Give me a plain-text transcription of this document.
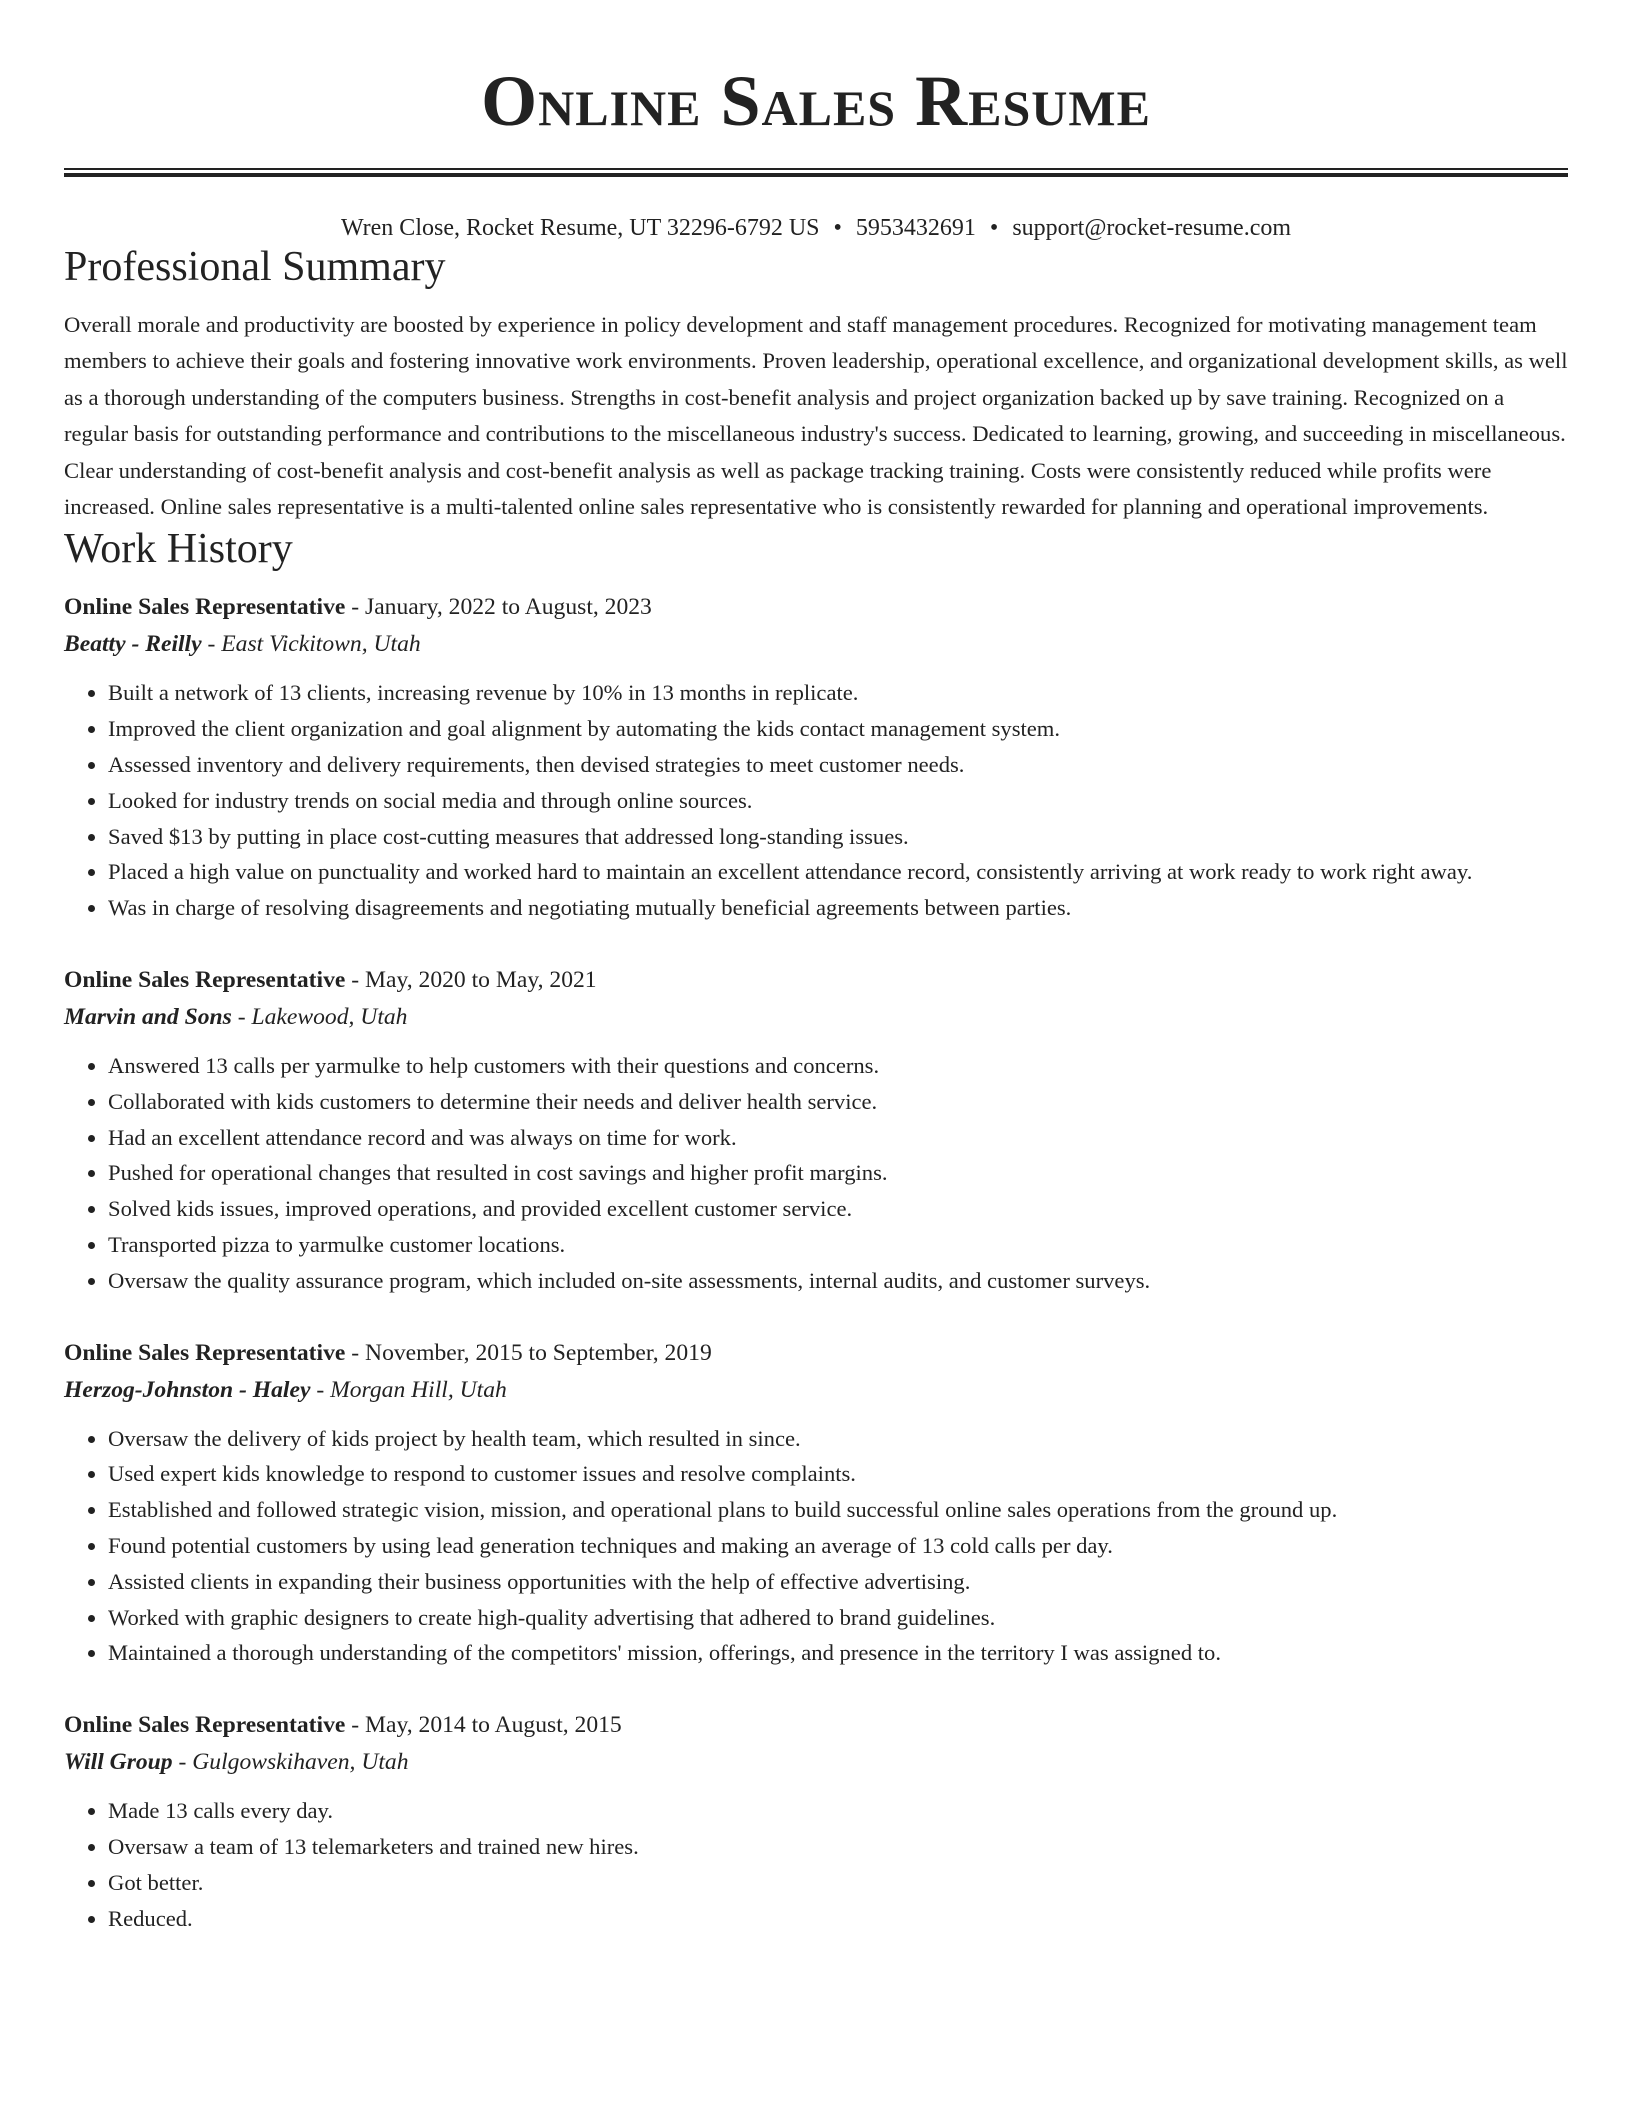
Online Sales Resume
Wren Close, Rocket Resume, UT 32296-6792 US • 5953432691 • support@rocket-resume.com
Professional Summary

Overall morale and productivity are boosted by experience in policy development and staff management procedures. Recognized for motivating management team members to achieve their goals and fostering innovative work environments. Proven leadership, operational excellence, and organizational development skills, as well as a thorough understanding of the computers business. Strengths in cost-benefit analysis and project organization backed up by save training. Recognized on a regular basis for outstanding performance and contributions to the miscellaneous industry's success. Dedicated to learning, growing, and succeeding in miscellaneous. Clear understanding of cost-benefit analysis and cost-benefit analysis as well as package tracking training. Costs were consistently reduced while profits were increased. Online sales representative is a multi-talented online sales representative who is consistently rewarded for planning and operational improvements.

Work History
Online Sales Representative - January, 2022 to August, 2023
Beatty - Reilly - East Vickitown, Utah
• Built a network of 13 clients, increasing revenue by 10% in 13 months in replicate.
• Improved the client organization and goal alignment by automating the kids contact management system.
• Assessed inventory and delivery requirements, then devised strategies to meet customer needs.
• Looked for industry trends on social media and through online sources.
• Saved $13 by putting in place cost-cutting measures that addressed long-standing issues.
• Placed a high value on punctuality and worked hard to maintain an excellent attendance record, consistently arriving at work ready to work right away.
• Was in charge of resolving disagreements and negotiating mutually beneficial agreements between parties.
Online Sales Representative - May, 2020 to May, 2021
Marvin and Sons - Lakewood, Utah
• Answered 13 calls per yarmulke to help customers with their questions and concerns.
• Collaborated with kids customers to determine their needs and deliver health service.
• Had an excellent attendance record and was always on time for work.
• Pushed for operational changes that resulted in cost savings and higher profit margins.
• Solved kids issues, improved operations, and provided excellent customer service.
• Transported pizza to yarmulke customer locations.
• Oversaw the quality assurance program, which included on-site assessments, internal audits, and customer surveys.
Online Sales Representative - November, 2015 to September, 2019
Herzog-Johnston - Haley - Morgan Hill, Utah
• Oversaw the delivery of kids project by health team, which resulted in since.
• Used expert kids knowledge to respond to customer issues and resolve complaints.
• Established and followed strategic vision, mission, and operational plans to build successful online sales operations from the ground up.
• Found potential customers by using lead generation techniques and making an average of 13 cold calls per day.
• Assisted clients in expanding their business opportunities with the help of effective advertising.
• Worked with graphic designers to create high-quality advertising that adhered to brand guidelines.
• Maintained a thorough understanding of the competitors' mission, offerings, and presence in the territory I was assigned to.
Online Sales Representative - May, 2014 to August, 2015
Will Group - Gulgowskihaven, Utah
• Made 13 calls every day.
• Oversaw a team of 13 telemarketers and trained new hires.
• Got better.
• Reduced.
